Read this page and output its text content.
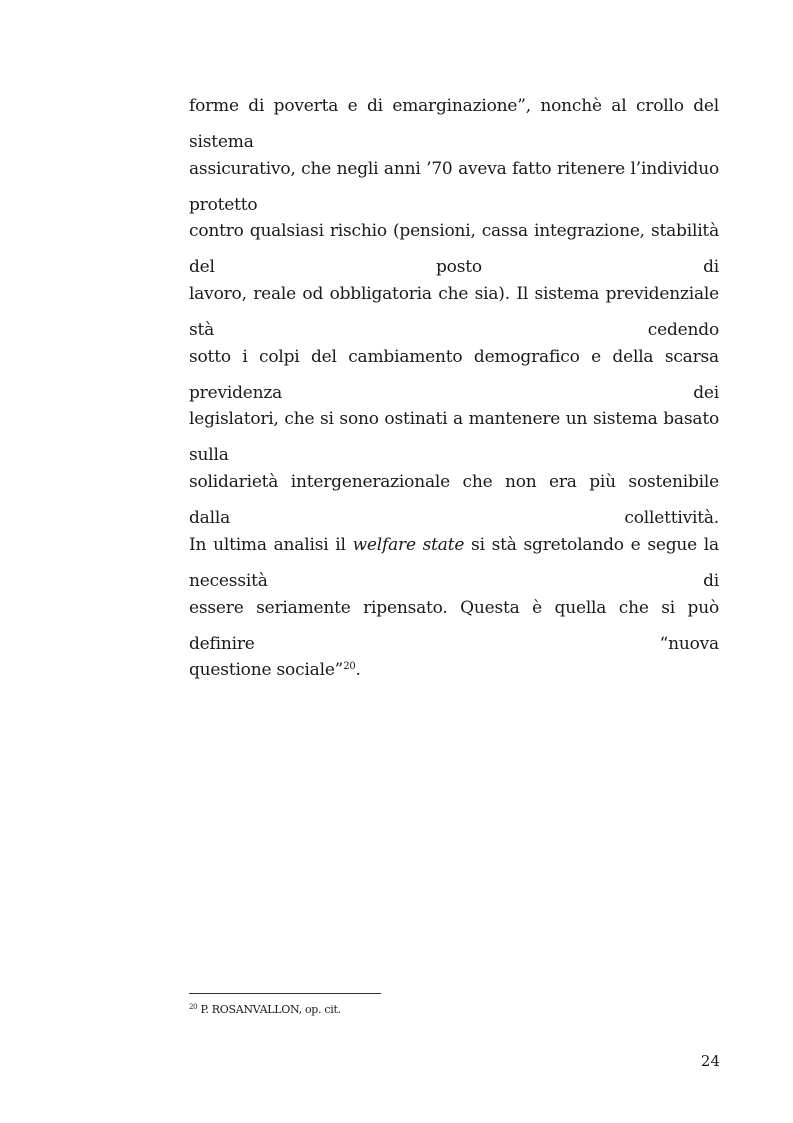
forme di poverta e di emarginazione”, nonchè al crollo del sistema
assicurativo, che negli anni ’70 aveva fatto ritenere l’individuo protetto
contro qualsiasi rischio (pensioni, cassa integrazione, stabilità del posto di
lavoro, reale od obbligatoria che sia). Il sistema previdenziale stà cedendo
sotto i colpi del cambiamento demografico e della scarsa previdenza dei
legislatori, che si sono ostinati a mantenere un sistema basato sulla
solidarietà intergenerazionale che non era più sostenibile dalla collettività.
In ultima analisi il welfare state si stà sgretolando e segue la necessità di
essere seriamente ripensato. Questa è quella che si può definire “nuova
questione sociale”$^{20}$.
$^{20}$ P. ROSANVALLON, op. cit.
24
